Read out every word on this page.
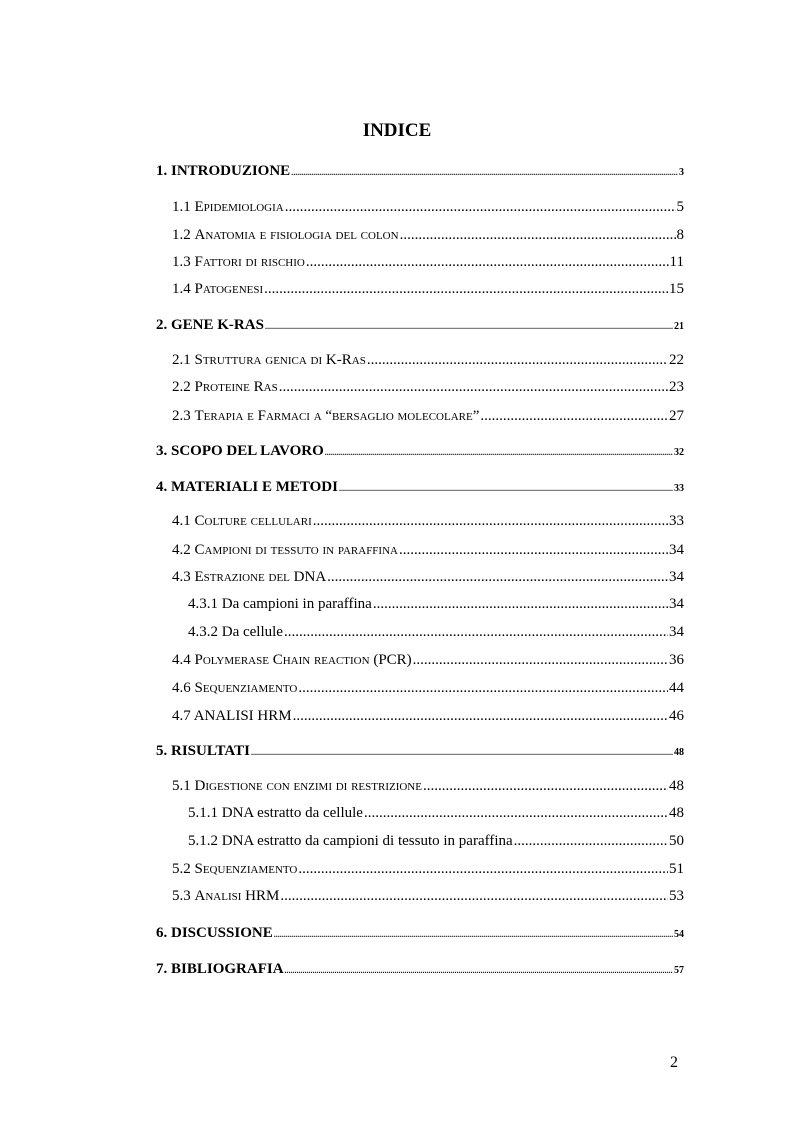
INDICE
1. INTRODUZIONE .....	3
1.1 Epidemiologia .....	5
1.2 Anatomia e fisiologia del colon .....	8
1.3 Fattori di rischio .....	11
1.4 Patogenesi .....	15
2. GENE K-RAS .....	21
2.1 Struttura genica di K-Ras .....	22
2.2 Proteine Ras .....	23
2.3 Terapia e Farmaci a “bersaglio molecolare” .....	27
3. SCOPO DEL LAVORO .....	32
4. MATERIALI E METODI .....	33
4.1 Colture cellulari .....	33
4.2 Campioni di tessuto in paraffina .....	34
4.3 Estrazione del DNA .....	34
4.3.1 Da campioni in paraffina .....	34
4.3.2 Da cellule .....	34
4.4 Polymerase Chain reaction (PCR) .....	36
4.6 Sequenziamento .....	44
4.7 ANALISI HRM .....	46
5. RISULTATI .....	48
5.1 Digestione con enzimi di restrizione .....	48
5.1.1 DNA estratto da cellule .....	48
5.1.2 DNA estratto da campioni di tessuto in paraffina .....	50
5.2 Sequenziamento .....	51
5.3 Analisi HRM .....	53
6. DISCUSSIONE .....	54
7. BIBLIOGRAFIA .....	57
2
